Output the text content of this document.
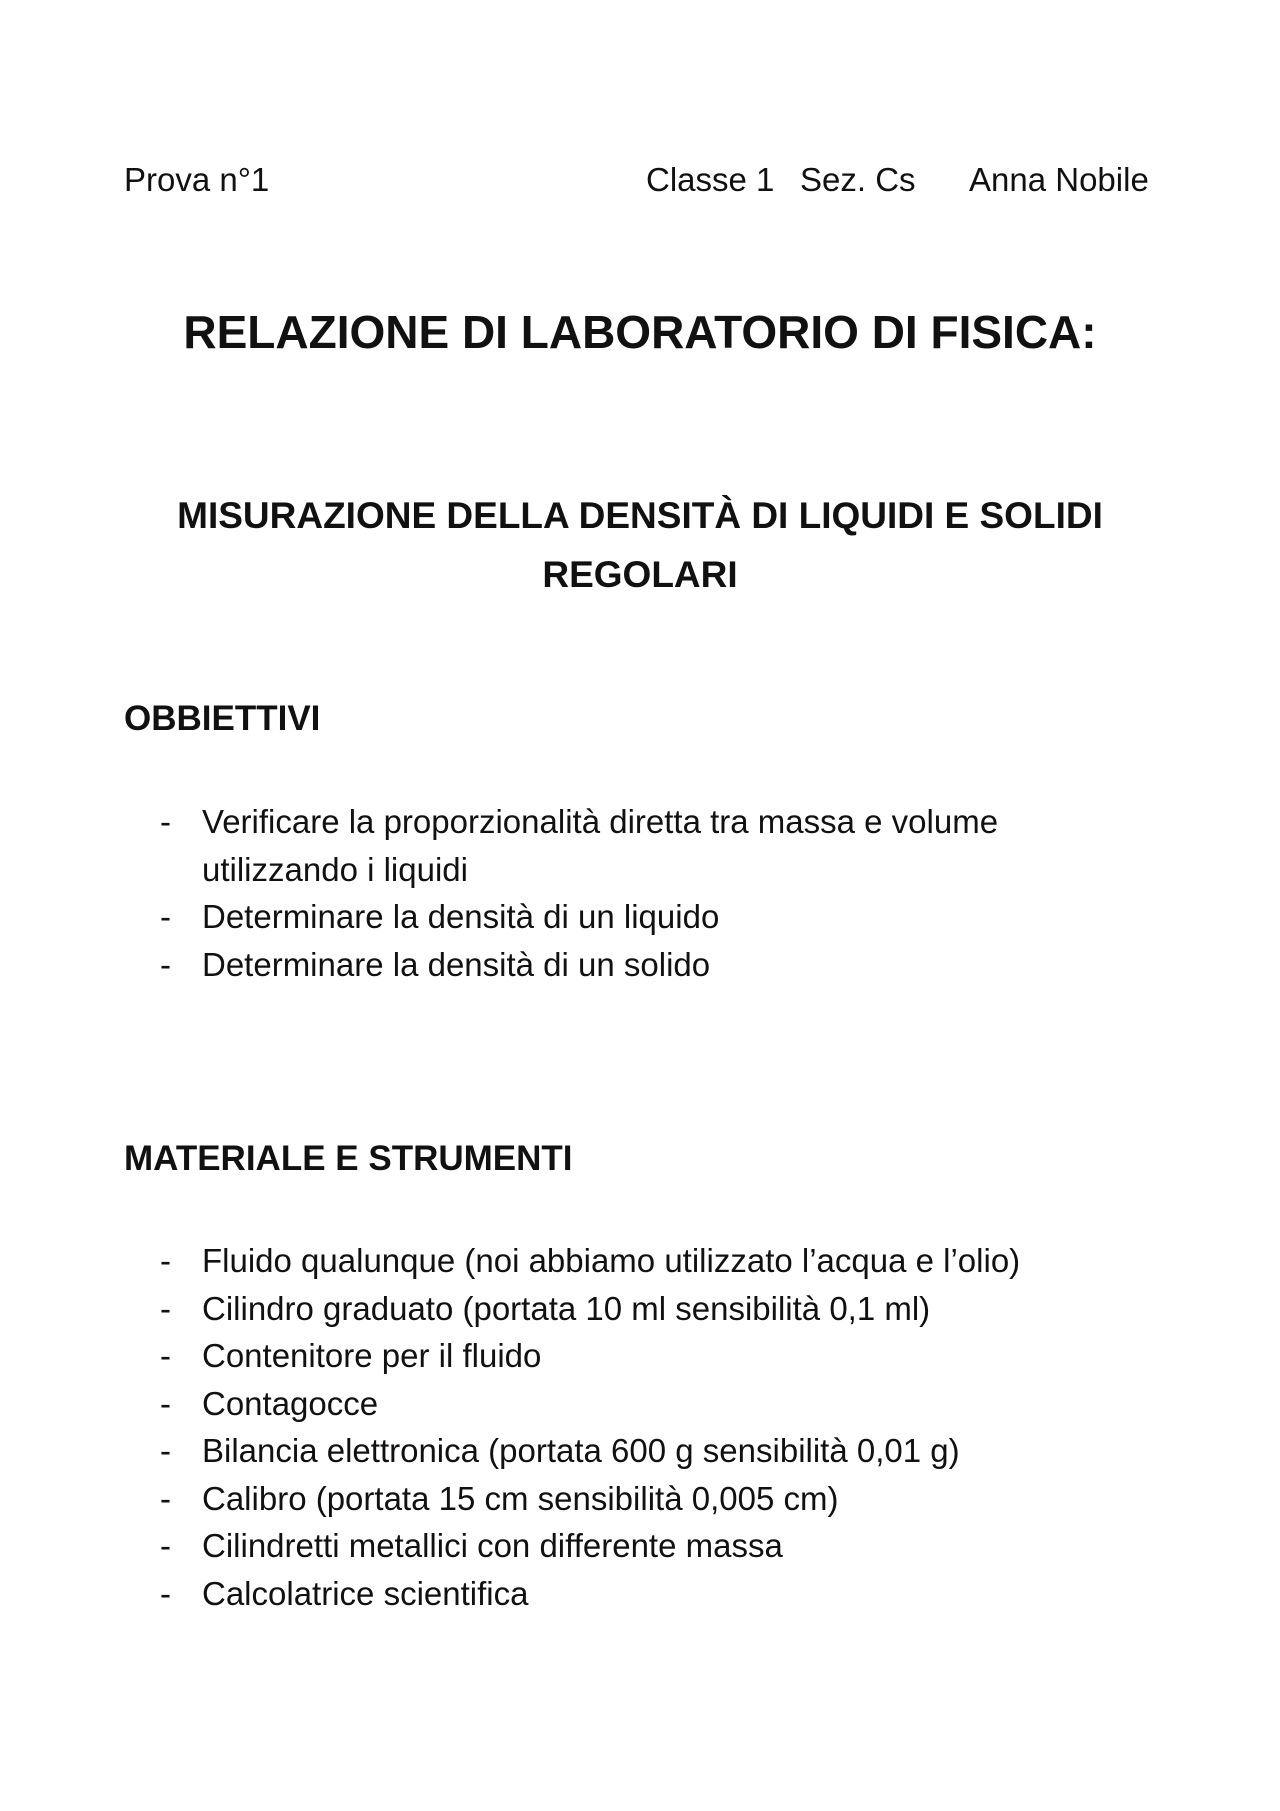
Prova n°1	Classe 1 Sez. Cs Anna Nobile
RELAZIONE DI LABORATORIO DI FISICA:
MISURAZIONE DELLA DENSITÀ DI LIQUIDI E SOLIDI REGOLARI
OBBIETTIVI
- Verificare la proporzionalità diretta tra massa e volume utilizzando i liquidi
- Determinare la densità di un liquido
- Determinare la densità di un solido
MATERIALE E STRUMENTI
- Fluido qualunque (noi abbiamo utilizzato l’acqua e l’olio)
- Cilindro graduato (portata 10 ml sensibilità 0,1 ml)
- Contenitore per il fluido
- Contagocce
- Bilancia elettronica (portata 600 g sensibilità 0,01 g)
- Calibro (portata 15 cm sensibilità 0,005 cm)
- Cilindretti metallici con differente massa
- Calcolatrice scientifica
